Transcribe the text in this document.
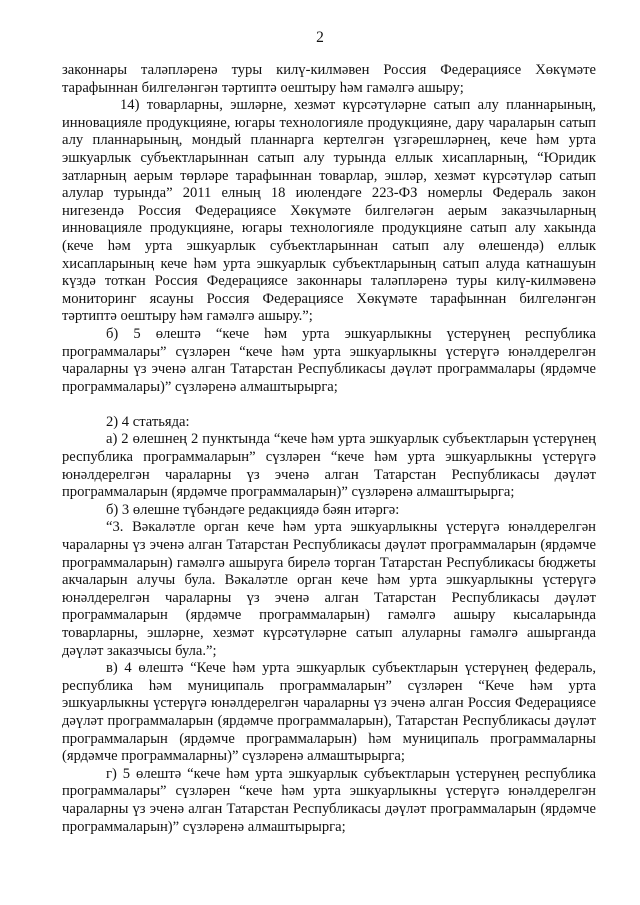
2

законнары таләпләренә туры килү-килмәвен Россия Федерациясе Хөкүмәте тарафыннан билгеләнгән тәртиптә оештыру һәм гамәлгә ашыру;

14) товарларны, эшләрне, хезмәт күрсәтүләрне сатып алу планнарының, инновацияле продукцияне, югары технологияле продукцияне, дару чараларын сатып алу планнарының, мондый планнарга кертелгән үзгәрешләрнең, кече һәм урта эшкуарлык субъектларыннан сатып алу турында еллык хисапларның, “Юридик затларның аерым төрләре тарафыннан товарлар, эшләр, хезмәт күрсәтүләр сатып алулар турында” 2011 елның 18 июлендәге 223-ФЗ номерлы Федераль закон нигезендә Россия Федерациясе Хөкүмәте билгеләгән аерым заказчыларның инновацияле продукцияне, югары технологияле продукцияне сатып алу хакында (кече һәм урта эшкуарлык субъектларыннан сатып алу өлешендә) еллык хисапларының кече һәм урта эшкуарлык субъектларының сатып алуда катнашуын күздә тоткан Россия Федерациясе законнары таләпләренә туры килү-килмәвенә мониторинг ясауны Россия Федерациясе Хөкүмәте тарафыннан билгеләнгән тәртиптә оештыру һәм гамәлгә ашыру.”;

б) 5 өлештә “кече һәм урта эшкуарлыкны үстерүнең республика программалары” сүзләрен “кече һәм урта эшкуарлыкны үстерүгә юнәлдерелгән чараларны үз эченә алган Татарстан Республикасы дәүләт программалары (ярдәмче программалары)” сүзләренә алмаштырырга;

2) 4 статьяда:

а) 2 өлешнең 2 пунктында “кече һәм урта эшкуарлык субъектларын үстерүнең республика программаларын” сүзләрен “кече һәм урта эшкуарлыкны үстерүгә юнәлдерелгән чараларны үз эченә алган Татарстан Республикасы дәүләт программаларын (ярдәмче программаларын)” сүзләренә алмаштырырга;

б) 3 өлешне түбәндәге редакциядә бәян итәргә:

“3. Вәкаләтле орган кече һәм урта эшкуарлыкны үстерүгә юнәлдерелгән чараларны үз эченә алган Татарстан Республикасы дәүләт программаларын (ярдәмче программаларын) гамәлгә ашыруга бирелә торган Татарстан Республикасы бюджеты акчаларын алучы була. Вәкаләтле орган кече һәм урта эшкуарлыкны үстерүгә юнәлдерелгән чараларны үз эченә алган Татарстан Республикасы дәүләт программаларын (ярдәмче программаларын) гамәлгә ашыру кысаларында товарларны, эшләрне, хезмәт күрсәтүләрне сатып алуларны гамәлгә ашырганда дәүләт заказчысы була.”;

в) 4 өлештә “Кече һәм урта эшкуарлык субъектларын үстерүнең федераль, республика һәм муниципаль программаларын” сүзләрен “Кече һәм урта эшкуарлыкны үстерүгә юнәлдерелгән чараларны үз эченә алган Россия Федерациясе дәүләт программаларын (ярдәмче программаларын), Татарстан Республикасы дәүләт программаларын (ярдәмче программаларын) һәм муниципаль программаларны (ярдәмче программаларны)” сүзләренә алмаштырырга;

г) 5 өлештә “кече һәм урта эшкуарлык субъектларын үстерүнең республика программалары” сүзләрен “кече һәм урта эшкуарлыкны үстерүгә юнәлдерелгән чараларны үз эченә алган Татарстан Республикасы дәүләт программаларын (ярдәмче программаларын)” сүзләренә алмаштырырга;
